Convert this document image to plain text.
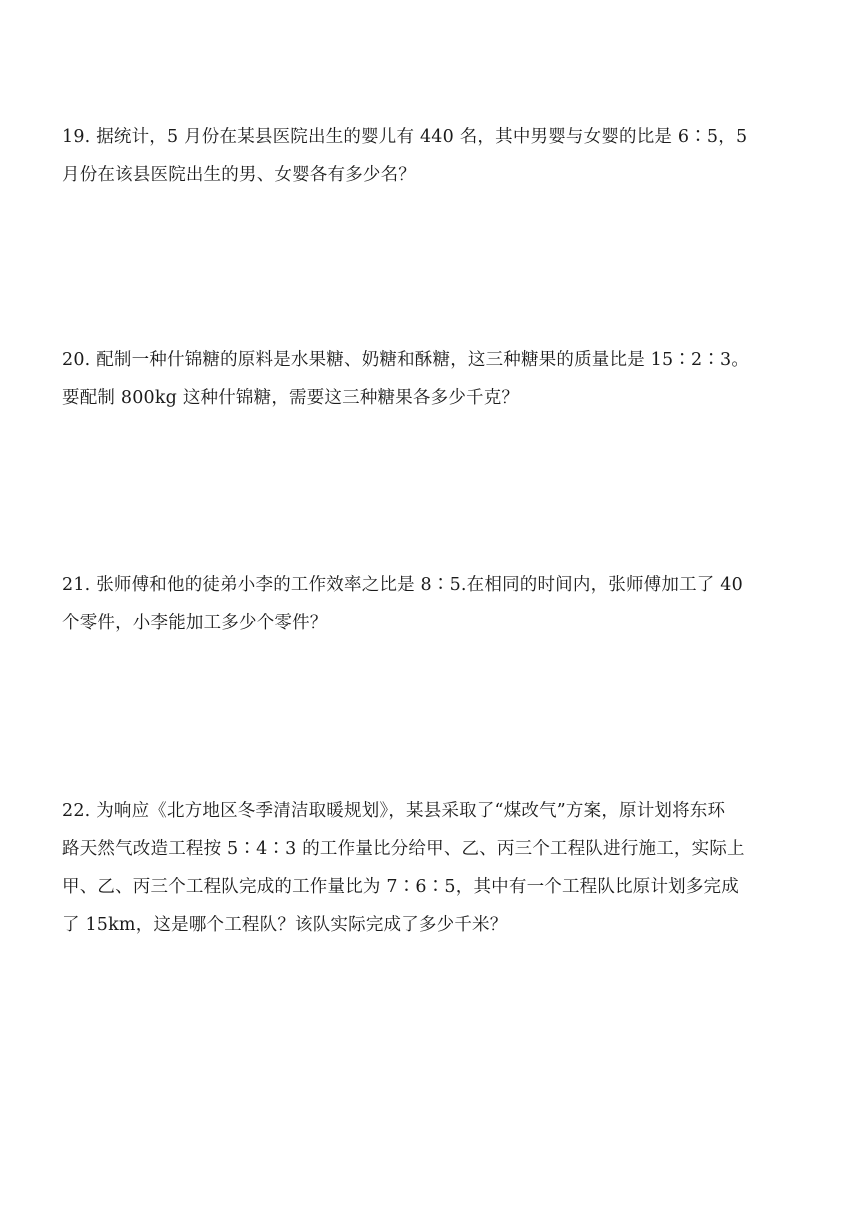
19. 据统计，5 月份在某县医院出生的婴儿有 440 名，其中男婴与女婴的比是 6∶5，5
月份在该县医院出生的男、女婴各有多少名？
20. 配制一种什锦糖的原料是水果糖、奶糖和酥糖，这三种糖果的质量比是 15∶2∶3。
要配制 800kg 这种什锦糖，需要这三种糖果各多少千克？
21. 张师傅和他的徒弟小李的工作效率之比是 8∶5.在相同的时间内，张师傅加工了 40
个零件，小李能加工多少个零件？
22. 为响应《北方地区冬季清洁取暖规划》，某县采取了“煤改气”方案，原计划将东环
路天然气改造工程按 5∶4∶3 的工作量比分给甲、乙、丙三个工程队进行施工，实际上
甲、乙、丙三个工程队完成的工作量比为 7∶6∶5，其中有一个工程队比原计划多完成
了 15km，这是哪个工程队？该队实际完成了多少千米？
